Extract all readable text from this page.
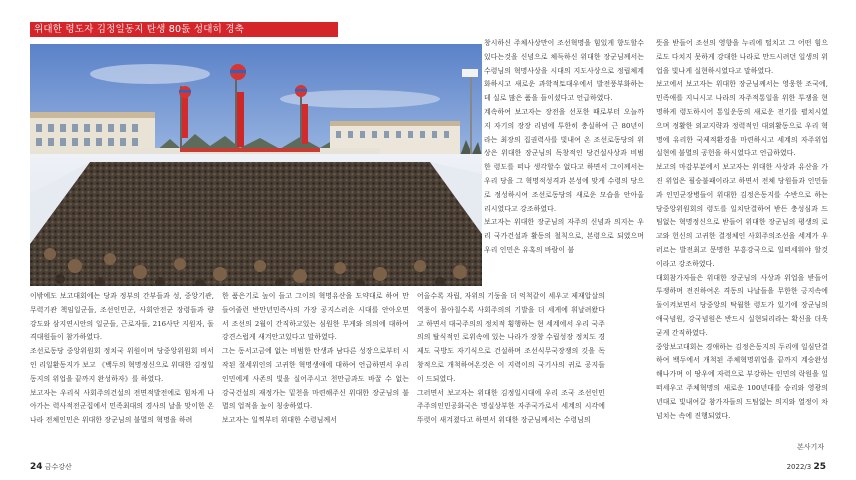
위대한 령도자 김정일동지 탄생 80돐 성대히 경축

창시하신 주체사상만이 조선혁명을 힘있게 향도할수 있다는것을 신념으로 체득하신 위대한 장군님께서는 수령님의 혁명사상을 시대의 지도사상으로 정립체계화하시고 새로운 과학적토대우에서 발전풍부화하는데 실로 많은 품을 들이셨다고 언급하였다.

계속하여 보고자는 장전을 선포한 때로부터 오늘까지 자기의 장장 리념에 투한히 충실하여 근 80년이라는 최장의 집권력사를 빛내여 온 조선로동당의 위상은 위대한 장군님의 독창적인 당건설사상과 비범한 령도를 떠나 생각할수 없다고 하면서 그이께서는 우리 당을 그 혁명적성격과 본성에 맞게 수령의 당으로 정성하시여 조선로동당의 새로운 모습을 안아올리시였다고 강조하였다.

보고자는 위대한 장군님의 자주의 신념과 의지는 우리 국가건설과 활동의 철칙으로, 본령으로 되였으며 우리 인민은 유혹의 바람이 불

뜻을 받들어 조선의 영향을 누리에 떨치고 그 어떤 힘으로도 다치지 못하게 강대한 나라로 만드시려던 일생의 위업을 빛나게 실현하시였다고 말하였다.

보고에서 보고자는 위대한 장군님께서는 영웅한 조국에, 민족애를 지니시고 나라의 자주적통일을 위한 투쟁을 현명하게 령도하시어 통일운동의 새로운 전기를 펼치시였으며 정활한 외교지략과 정력적인 대외활동으로 우리 혁명에 유리한 국제적환경을 마련하시고 세계의 자주위업실현에 불멸의 공헌을 하시였다고 언급하였다.

보고의 마감부분에서 보고자는 위대한 사상과 유산을 가진 위업은 필승불패이라고 하면서 전체 당원들과 인민들과 인민군장병들이 위대한 김정은동지를 수반으로 하는 당중앙위원회의 령도를 일치단결하여 받든 충성심과 드팀없는 혁명정신으로 받들어 위대한 장군님의 평생의 로고와 헌신의 고귀한 결정체인 사회주의조선을 세계가 우러르는 발전최고 문명한 부흥강국으로 일떠세워야 할것이라고 강조하였다.

대회참가자들은 위대한 장군님의 사상과 위업을 받들어 투쟁하며 전진하여온 격동의 나날들을 무한한 긍지속에 돌이켜보면서 당중앙의 탁월한 령도가 있기에 장군님의 애국념원, 강국념원은 반드시 실현되리라는 확신을 더욱 굳게 간직하였다.

중앙보고대회는 경애하는 김정은동지의 두리에 일심단결하여 백두에서 개척된 주체혁명위업을 끝까지 계승완성해나가며 이 땅우에 자력으로 부강하는 인민의 락원을 일떠세우고 주체혁명의 새로운 100년대를 승리와 영광의 년대로 빛내여갈 참가자들의 드팀없는 의지와 열정이 차넘치는 속에 진행되였다.

이밖에도 보고대회에는 당과 정부의 간부들과 성, 중앙기관, 무력기관 책임일군들, 조선인민군, 사회안전군 장령들과 량강도와 삼지연시안의 일군들, 근로자들, 216사단 지원자, 돌격대원들이 참가하였다.

조선로동당 중앙위원회 정치국 위원이며 당중앙위원회 비서인 리일환동지가 보고 《백두의 혁명정신으로 위대한 김정일동지의 위업을 끝까지 완성하자》를 하였다.

보고자는 우리식 사회주의건설의 전면적발전에로 힘차게 나아가는 력사적전군집에서 민족최대의 경사의 날을 맞이한 온 나라 전체인민은 위대한 장군님의 불멸의 혁명을 하려

한 품은기로 높이 들고 그이의 혁명유산을 도약대로 하여 만들어줄런 반만년민족사의 가장 공지스러운 시대를 안아오면서 조선의 2월이 간직하고있는 심원한 무게와 의의에 대하여 강견스럽게 새겨안고있다고 말하였다.

그는 동서고금에 없는 비범한 탄생과 남다른 성장으로부터 시작된 절세위인의 고귀한 혁명생애에 대하여 언급하면서 우리 인민에게 사존의 빛을 실어주시고 천만금과도 바꿀 수 없는 강국건설의 재정가는 밑천을 마련해주신 위대한 장군님의 불멸의 업적을 높이 칭송하였다.

보고자는 일찍부터 위대한 수령님께서

어올수록 자립, 자위의 기둥을 더 억척같이 세우고 제재압살의 역풍이 몰아칠수록 사회주의의 기발을 더 세게에 휘날려왔다고 하면서 대국주의의 정치적 횡행하는 현 세계에서 우리 국주의의 탈식적인 로위속에 있는 나라가 장창 수립성장 정치도 경제도 국방도 자기식으로 건설하며 조선식무국장쟁의 깃을 독창적으로 개척하여온것은 이 지력이의 국기사의 귀로 공지들이 드되였다.

그러면서 보고자는 위대한 김정일시대에 우리 조국 조선인민주주의인민공화국은 명실상부한 자주국가로서 세계의 시각에 뚜렷이 새겨졌다고 하면서 위대한 장군님께서는 수령님의

본사기자
24 금수강산	2022/3 25
